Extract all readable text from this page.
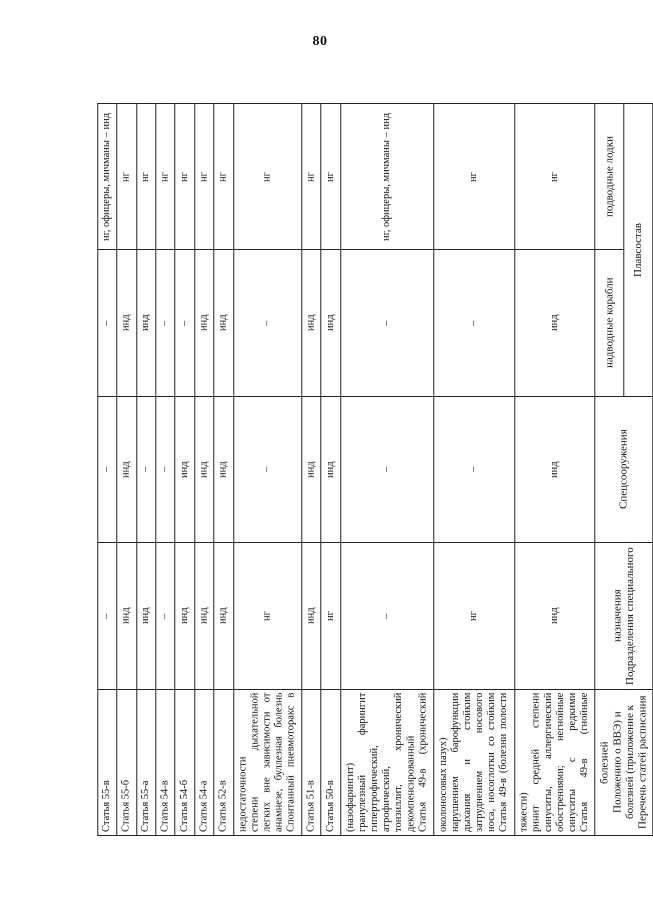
80
Перечень статей расписания болезней (приложение к Положению о ВВЭ) и болезней	Подразделения специального назначения	Спецсооружения	Плавсостав
надводные корабли	подводные лодки
Статья 49-в (гнойные синуситы с редкими обострениями; негнойные синуситы, аллергический ринит средней степени тяжести)	инд	инд	инд	нг
Статья 49-в (болезни полости носа, носоглотки со стойким затруднением носового дыхания и стойким нарушением барофункции околоносовых пазух)	нг	–	–	нг
Статья 49-в (хронический декомпенсированный тонзиллит, хронический атрофический, гипертрофический, гранулезный фарингит (назофарингит)	–	–	–	нг, офицеры, мичманы – инд
Статья 50-в	нг	инд	инд	нг
Статья 51-в	инд	инд	инд	нг
Спонтанный пневмоторакс в анамнезе, буллезная болезнь легких вне зависимости от степени дыхательной недостаточности	нг	–	–	нг
Статья 52-в	инд	инд	инд	нг
Статья 54-а	инд	инд	инд	нг
Статья 54-б	инд	инд	–	нг
Статья 54-в	–	–	–	нг
Статья 55-а	инд	–	инд	нг
Статья 55-б	инд	инд	инд	нг
Статья 55-в	–	–	–	нг, офицеры, мичманы – инд
